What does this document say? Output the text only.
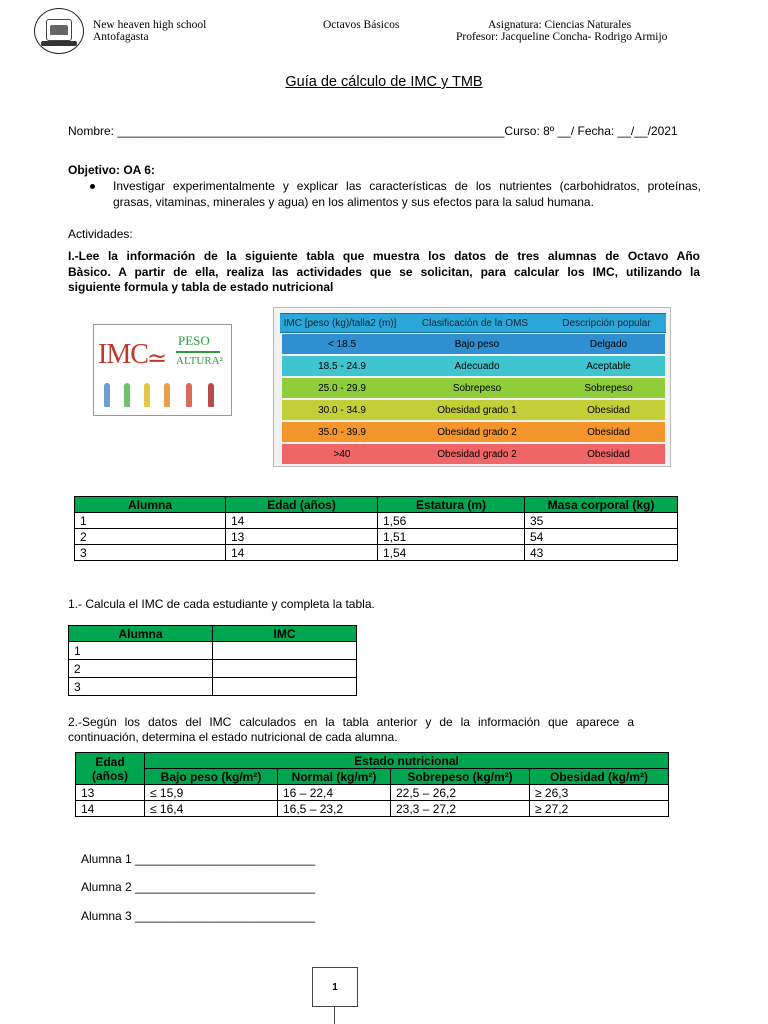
New heaven high school
Antofagasta
Octavos Básicos	Asignatura: Ciencias Naturales
Profesor: Jacqueline Concha- Rodrigo Armijo
Guía de cálculo de IMC y TMB
Nombre: __________________________________________________________Curso: 8º __/ Fecha: __/__/2021
Objetivo: OA 6:
Investigar experimentalmente y explicar las características de los nutrientes (carbohidratos, proteínas,
grasas, vitaminas, minerales y agua) en los alimentos y sus efectos para la salud humana.
Actividades:
I.-Lee la información de la siguiente tabla que muestra los datos de tres alumnas de Octavo Año
Bàsico. A partir de ella, realiza las actividades que se solicitan, para calcular los IMC, utilizando la
siguiente formula y tabla de estado nutricional
IMC ≃
PESO
ALTURA²
IMC [peso (kg)/talla2 (m)]	Clasificación de la OMS	Descripción popular
< 18.5	Bajo peso	Delgado
18.5 - 24.9	Adecuado	Aceptable
25.0 - 29.9	Sobrepeso	Sobrepeso
30.0 - 34.9	Obesidad grado 1	Obesidad
35.0 - 39.9	Obesidad grado 2	Obesidad
>40	Obesidad grado 2	Obesidad
Alumna	Edad (años)	Estatura (m)	Masa corporal (kg)
1	14	1,56	35
2	13	1,51	54
3	14	1,54	43
1.- Calcula el IMC de cada estudiante y completa la tabla.
Alumna	IMC
1	
2	
3	
2.-Según los datos del IMC calculados en la tabla anterior y de la información que aparece a
continuación, determina el estado nutricional de cada alumna.
Edad
(años)	Estado nutricional			
	Bajo peso (kg/m²)	Normal (kg/m²)	Sobrepeso (kg/m²)	Obesidad (kg/m²)
13	≤ 15,9	16 – 22,4	22,5 – 26,2	≥ 26,3
14	≤ 16,4	16,5 – 23,2	23,3 – 27,2	≥ 27,2
Alumna 1 ___________________________
Alumna 2 ___________________________
Alumna 3 ___________________________
1
